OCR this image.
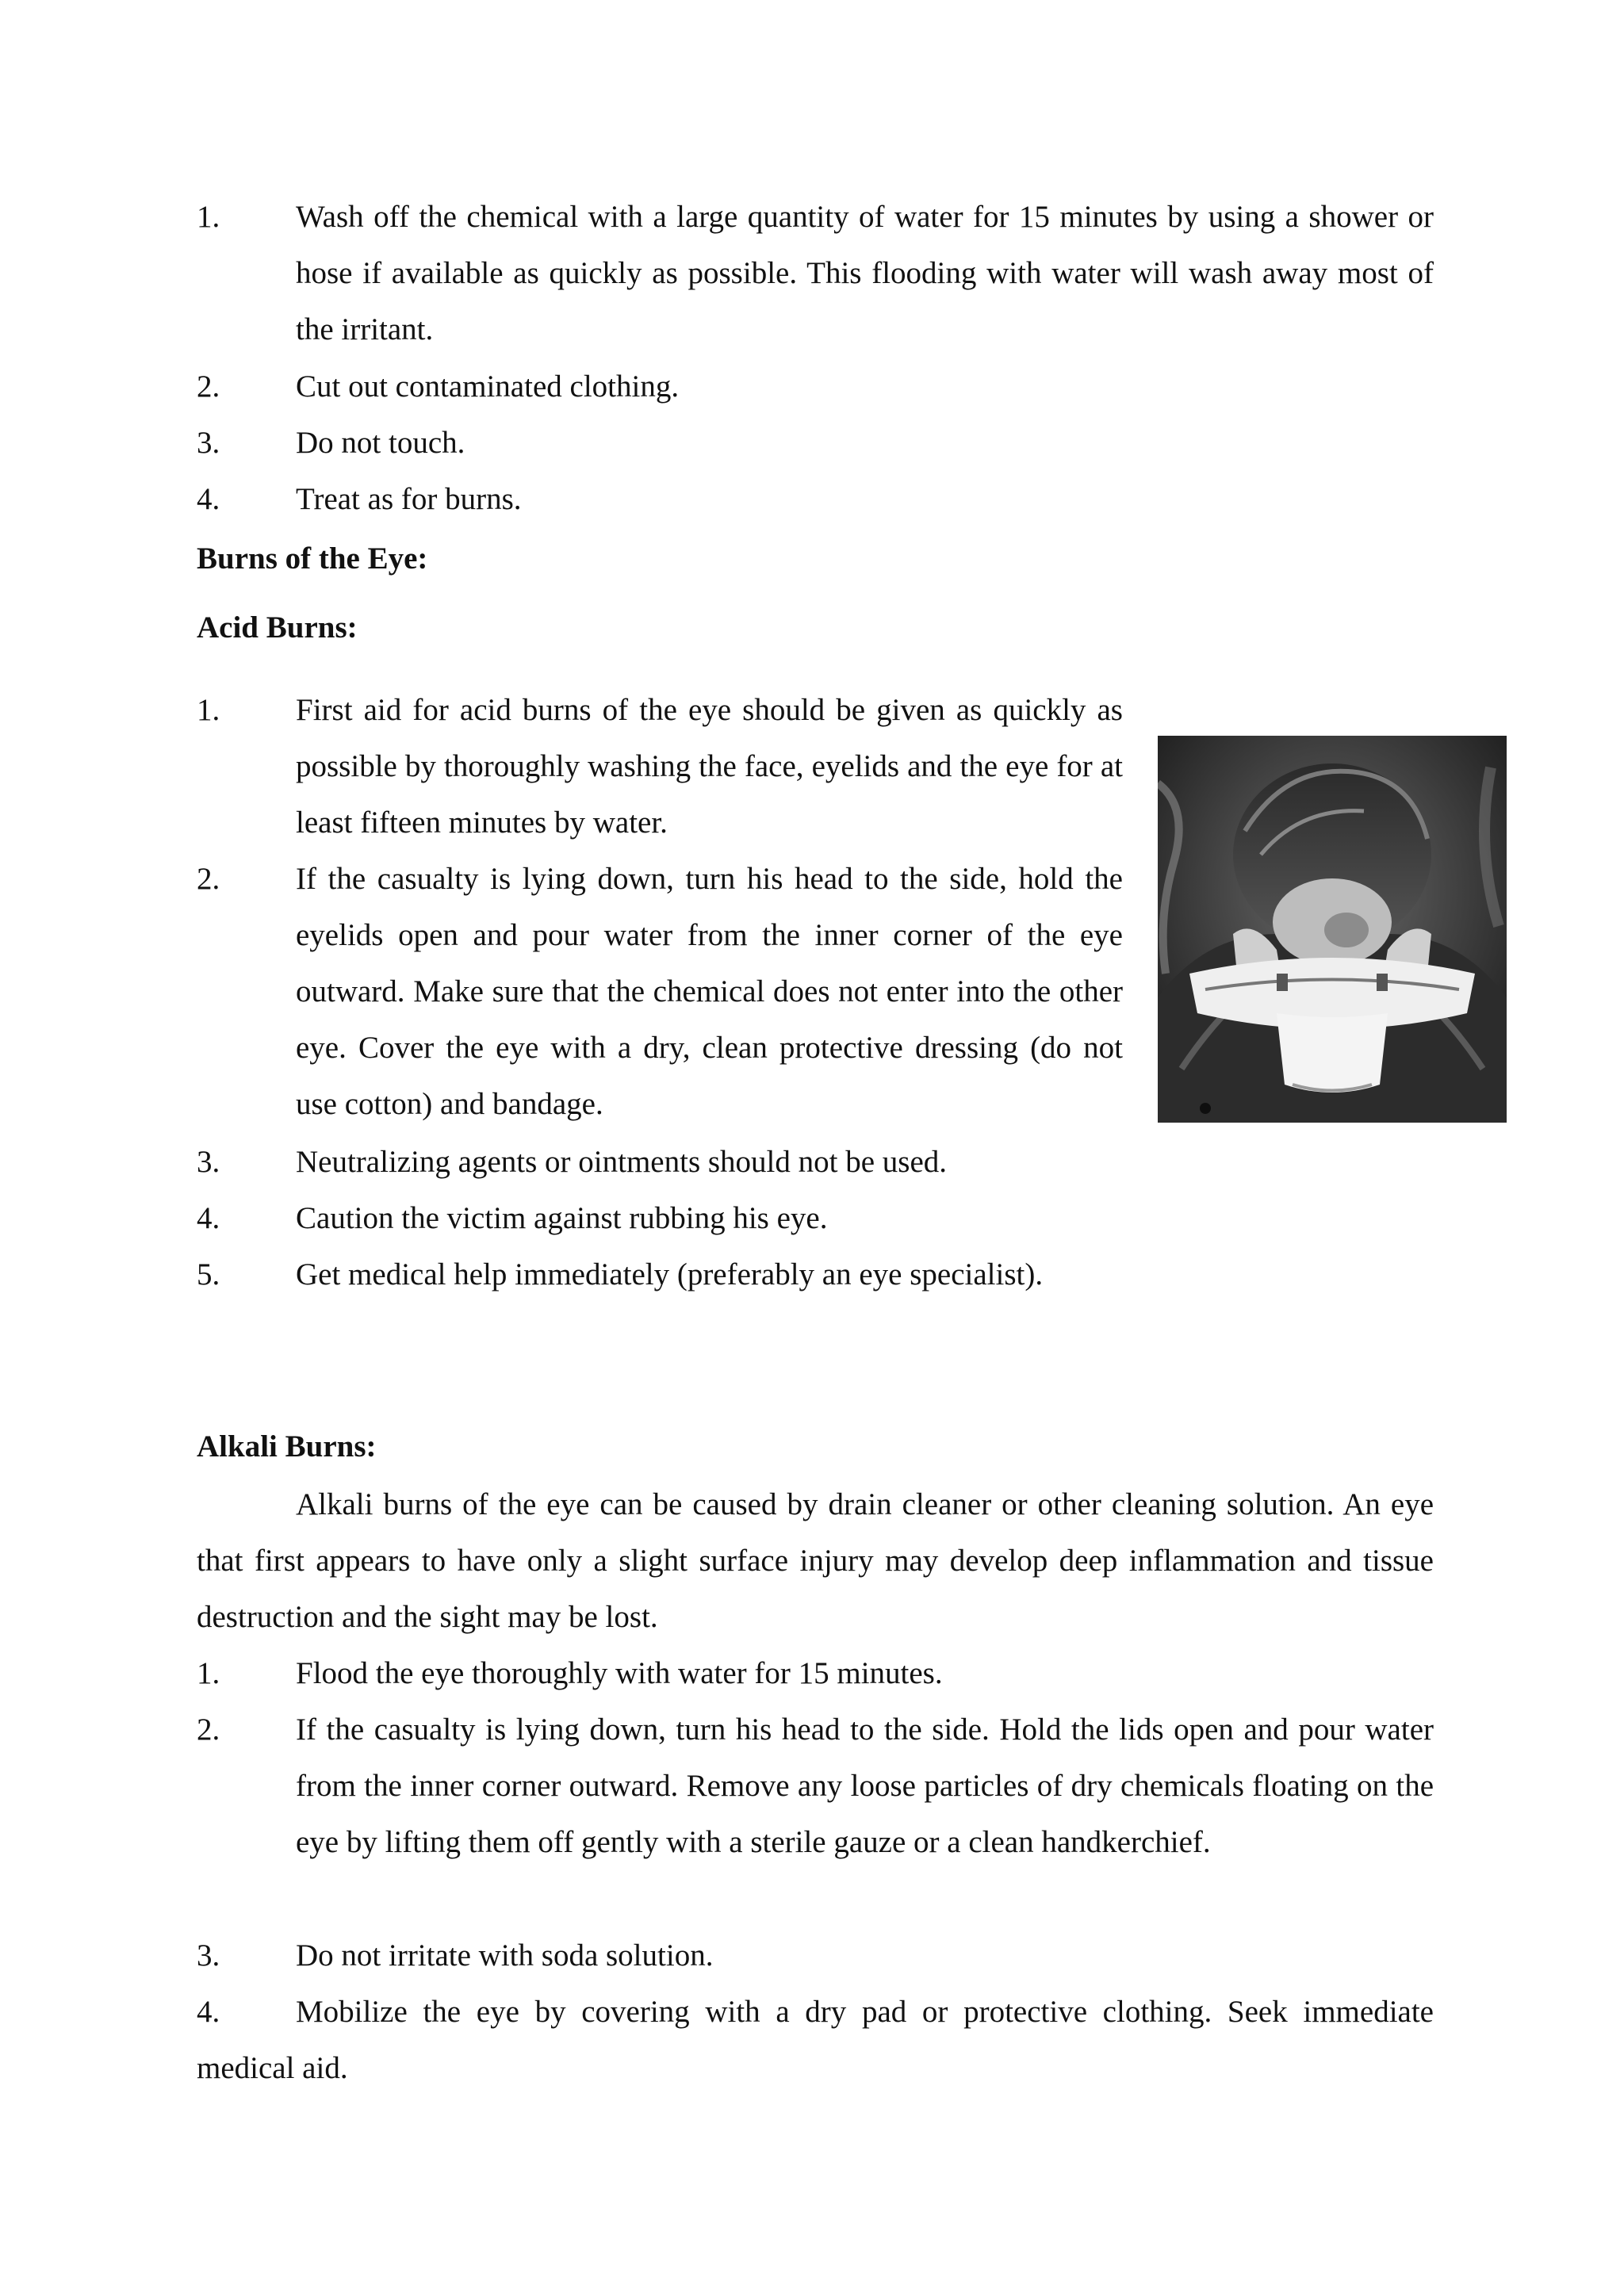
1. Wash off the chemical with a large quantity of water for 15 minutes by using a shower or hose if available as quickly as possible. This flooding with water will wash away most of the irritant.
2. Cut out contaminated clothing.
3. Do not touch.
4. Treat as for burns.
Burns of the Eye:
Acid Burns:
1. First aid for acid burns of the eye should be given as quickly as possible by thoroughly washing the face, eyelids and the eye for at least fifteen minutes by water.
2. If the casualty is lying down, turn his head to the side, hold the eyelids open and pour water from the inner corner of the eye outward. Make sure that the chemical does not enter into the other eye. Cover the eye with a dry, clean protective dressing (do not use cotton) and bandage.
3. Neutralizing agents or ointments should not be used.
4. Caution the victim against rubbing his eye.
5. Get medical help immediately (preferably an eye specialist).
Alkali Burns:
Alkali burns of the eye can be caused by drain cleaner or other cleaning solution. An eye that first appears to have only a slight surface injury may develop deep inflammation and tissue destruction and the sight may be lost.
1. Flood the eye thoroughly with water for 15 minutes.
2. If the casualty is lying down, turn his head to the side. Hold the lids open and pour water from the inner corner outward. Remove any loose particles of dry chemicals floating on the eye by lifting them off gently with a sterile gauze or a clean handkerchief.
3. Do not irritate with soda solution.
4.	Mobilize the eye by covering with a dry pad or protective clothing. Seek immediate medical aid.
